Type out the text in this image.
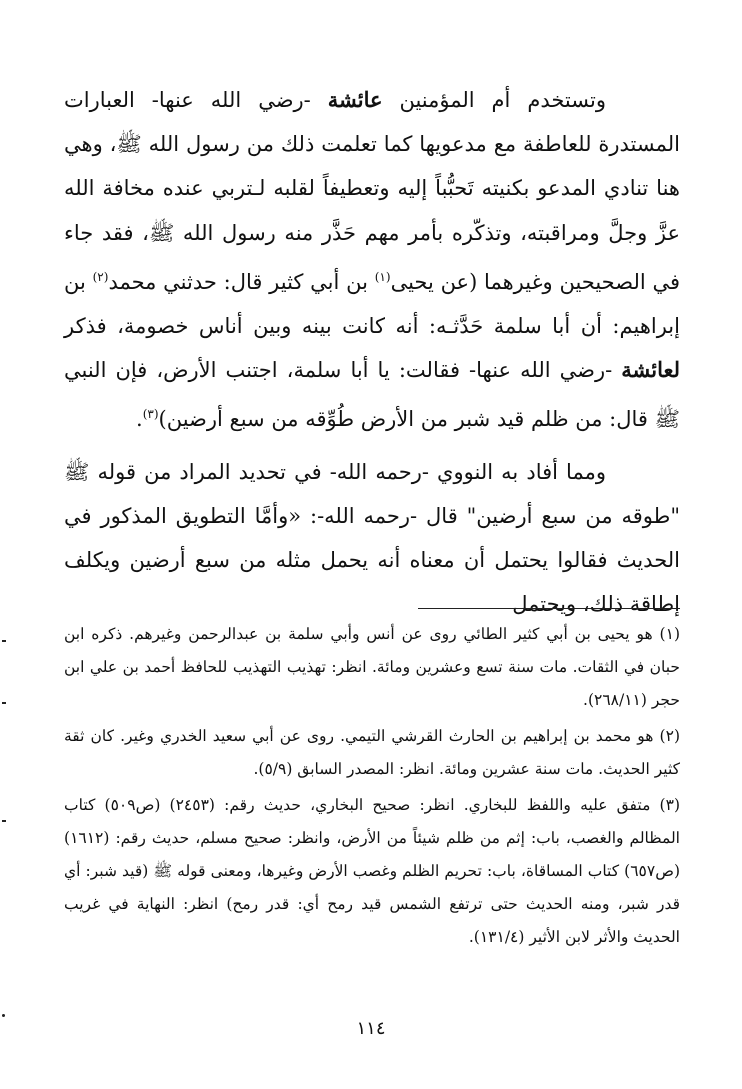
وتستخدم أم المؤمنين عائشة -رضي الله عنها- العبارات المستدرة للعاطفة مع مدعويها كما تعلمت ذلك من رسول الله ﷺ، وهي هنا تنادي المدعو بكنيته تَحبُّباً إليه وتعطيفاً لقلبه لـتربي عنده مخافة الله عزَّ وجلَّ ومراقبته، وتذكّره بأمر مهم حَذَّر منه رسول الله ﷺ، فقد جاء في الصحيحين وغيرهما (عن يحيى$^{(١)}$ بن أبي كثير قال: حدثني محمد$^{(٢)}$ بن إبراهيم: أن أبا سلمة حَدَّثـه: أنه كانت بينه وبين أناس خصومة، فذكر لعائشة -رضي الله عنها- فقالت: يا أبا سلمة، اجتنب الأرض، فإن النبي ﷺ قال: من ظلم قيد شبر من الأرض طُوِّقه من سبع أرضين)$^{(٣)}$.

ومما أفاد به النووي -رحمه الله- في تحديد المراد من قوله ﷺ "طوقه من سبع أرضين" قال -رحمه الله-: «وأمَّا التطويق المذكور في الحديث فقالوا يحتمل أن معناه أنه يحمل مثله من سبع أرضين ويكلف إطاقة ذلك، ويحتمل

(١) هو يحيى بن أبي كثير الطائي روى عن أنس وأبي سلمة بن عبدالرحمن وغيرهم. ذكره ابن حبان في الثقات. مات سنة تسع وعشرين ومائة. انظر: تهذيب التهذيب للحافظ أحمد بن علي ابن حجر (٢٦٨/١١).

(٢) هو محمد بن إبراهيم بن الحارث القرشي التيمي. روى عن أبي سعيد الخدري وغير. كان ثقة كثير الحديث. مات سنة عشرين ومائة. انظر: المصدر السابق (٥/٩).

(٣) متفق عليه واللفظ للبخاري. انظر: صحيح البخاري، حديث رقم: (٢٤٥٣) (ص٥٠٩) كتاب المظالم والغصب، باب: إثم من ظلم شيئاً من الأرض، وانظر: صحيح مسلم، حديث رقم: (١٦١٢) (ص٦٥٧) كتاب المساقاة، باب: تحريم الظلم وغصب الأرض وغيرها، ومعنى قوله ﷺ (قيد شبر: أي قدر شبر، ومنه الحديث حتى ترتفع الشمس قيد رمح أي: قدر رمح) انظر: النهاية في غريب الحديث والأثر لابن الأثير (١٣١/٤).

١١٤
